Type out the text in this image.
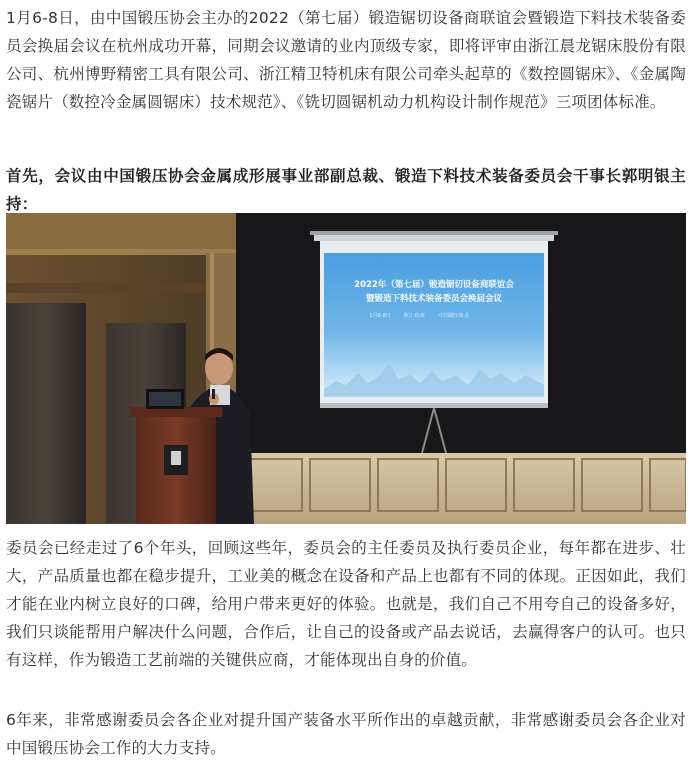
1月6-8日，由中国锻压协会主办的2022（第七届）锻造锯切设备商联谊会暨锻造下料技术装备委员会换届会议在杭州成功开幕，同期会议邀请的业内顶级专家，即将评审由浙江晨龙锯床股份有限公司、杭州博野精密工具有限公司、浙江精卫特机床有限公司牵头起草的《数控圆锯床》、《金属陶瓷锯片（数控冷金属圆锯床）技术规范》、《铣切圆锯机动力机构设计制作规范》三项团体标准。

首先，会议由中国锻压协会金属成形展事业部副总裁、锻造下料技术装备委员会干事长郭明银主持：

2022年（第七届）锻造锯切设备商联谊会
暨锻造下料技术装备委员会换届会议
1月6-8日	浙江·杭州	中国锻压协会

委员会已经走过了6个年头，回顾这些年，委员会的主任委员及执行委员企业，每年都在进步、壮大，产品质量也都在稳步提升，工业美的概念在设备和产品上也都有不同的体现。正因如此，我们才能在业内树立良好的口碑，给用户带来更好的体验。也就是，我们自己不用夸自己的设备多好，我们只谈能帮用户解决什么问题，合作后，让自己的设备或产品去说话，去赢得客户的认可。也只有这样，作为锻造工艺前端的关键供应商，才能体现出自身的价值。

6年来，非常感谢委员会各企业对提升国产装备水平所作出的卓越贡献，非常感谢委员会各企业对中国锻压协会工作的大力支持。
